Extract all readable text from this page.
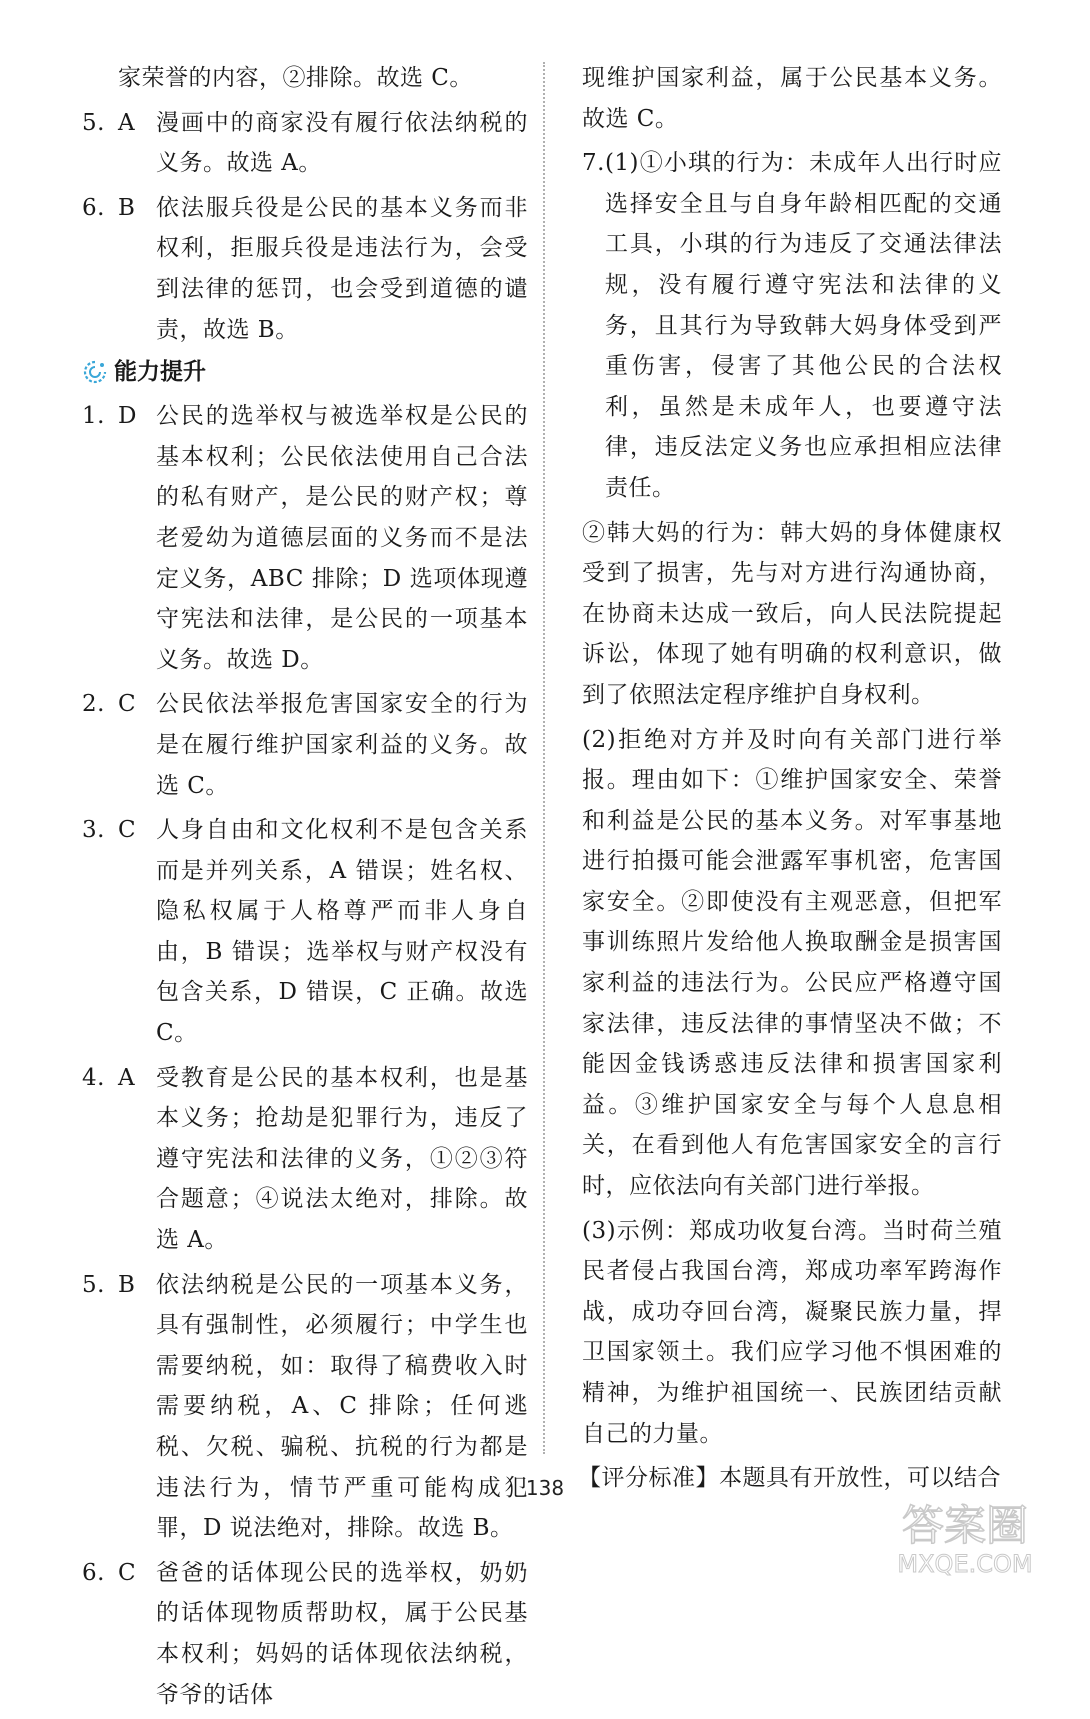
家荣誉的内容，②排除。故选 C。

5. A 漫画中的商家没有履行依法纳税的义务。故选 A。
6. B 依法服兵役是公民的基本义务而非权利，拒服兵役是违法行为，会受到法律的惩罚，也会受到道德的谴责，故选 B。
能力提升
1. D 公民的选举权与被选举权是公民的基本权利；公民依法使用自己合法的私有财产，是公民的财产权；尊老爱幼为道德层面的义务而不是法定义务，ABC 排除；D 选项体现遵守宪法和法律，是公民的一项基本义务。故选 D。
2. C 公民依法举报危害国家安全的行为是在履行维护国家利益的义务。故选 C。
3. C 人身自由和文化权利不是包含关系而是并列关系，A 错误；姓名权、隐私权属于人格尊严而非人身自由，B 错误；选举权与财产权没有包含关系，D 错误，C 正确。故选 C。
4. A 受教育是公民的基本权利，也是基本义务；抢劫是犯罪行为，违反了遵守宪法和法律的义务，①②③符合题意；④说法太绝对，排除。故选 A。
5. B 依法纳税是公民的一项基本义务，具有强制性，必须履行；中学生也需要纳税，如：取得了稿费收入时需要纳税，A、C 排除；任何逃税、欠税、骗税、抗税的行为都是违法行为，情节严重可能构成犯罪，D 说法绝对，排除。故选 B。
6. C 爸爸的话体现公民的选举权，奶奶的话体现物质帮助权，属于公民基本权利；妈妈的话体现依法纳税，爷爷的话体

现维护国家利益，属于公民基本义务。故选 C。

7. (1)①小琪的行为：未成年人出行时应选择安全且与自身年龄相匹配的交通工具，小琪的行为违反了交通法律法规，没有履行遵守宪法和法律的义务，且其行为导致韩大妈身体受到严重伤害，侵害了其他公民的合法权利，虽然是未成年人，也要遵守法律，违反法定义务也应承担相应法律责任。

②韩大妈的行为：韩大妈的身体健康权受到了损害，先与对方进行沟通协商，在协商未达成一致后，向人民法院提起诉讼，体现了她有明确的权利意识，做到了依照法定程序维护自身权利。

(2)拒绝对方并及时向有关部门进行举报。理由如下：①维护国家安全、荣誉和利益是公民的基本义务。对军事基地进行拍摄可能会泄露军事机密，危害国家安全。②即使没有主观恶意，但把军事训练照片发给他人换取酬金是损害国家利益的违法行为。公民应严格遵守国家法律，违反法律的事情坚决不做；不能因金钱诱惑违反法律和损害国家利益。③维护国家安全与每个人息息相关，在看到他人有危害国家安全的言行时，应依法向有关部门进行举报。

(3)示例：郑成功收复台湾。当时荷兰殖民者侵占我国台湾，郑成功率军跨海作战，成功夺回台湾，凝聚民族力量，捍卫国家领土。我们应学习他不惧困难的精神，为维护祖国统一、民族团结贡献自己的力量。

【评分标准】本题具有开放性，可以结合

138
答案圈
MXQE.COM
